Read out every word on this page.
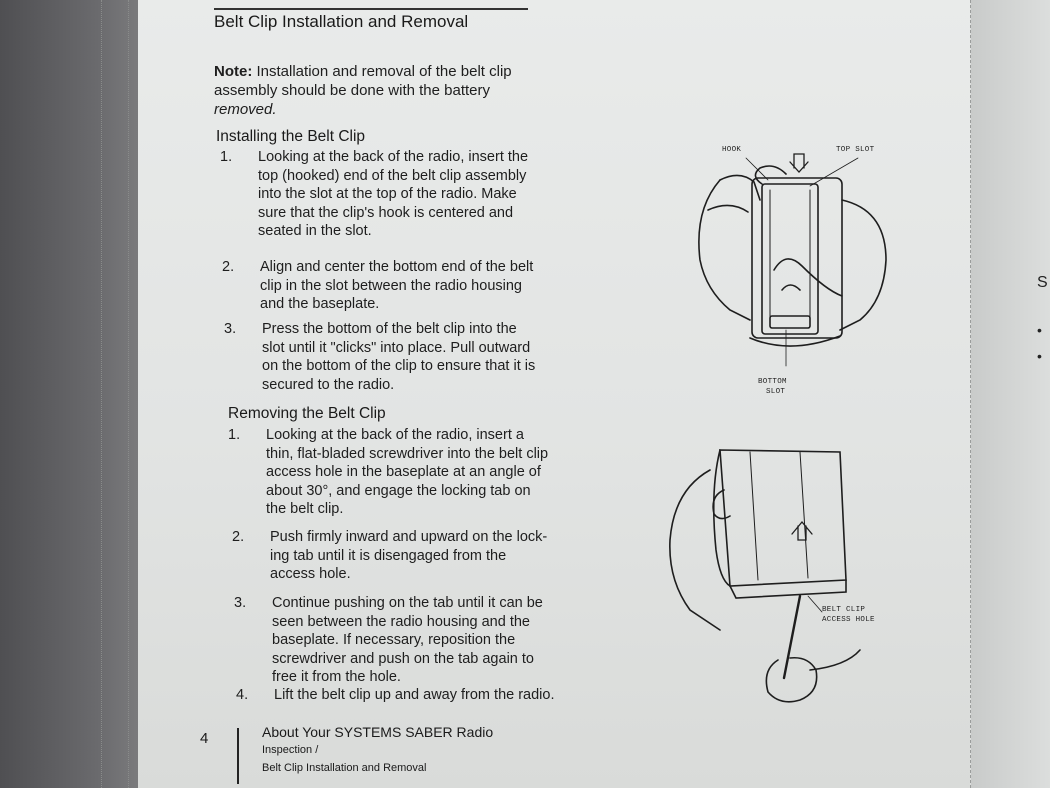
S
•
•
Belt Clip Installation and Removal
Note: Installation and removal of the belt clip
assembly should be done with the battery
removed.
Installing the Belt Clip
1.	Looking at the back of the radio, insert the
top (hooked) end of the belt clip assembly
into the slot at the top of the radio. Make
sure that the clip's hook is centered and
seated in the slot.
2.	Align and center the bottom end of the belt
clip in the slot between the radio housing
and the baseplate.
3.	Press the bottom of the belt clip into the
slot until it "clicks" into place. Pull outward
on the bottom of the clip to ensure that it is
secured to the radio.
Removing the Belt Clip
1.	Looking at the back of the radio, insert a
thin, flat-bladed screwdriver into the belt clip
access hole in the baseplate at an angle of
about 30°, and engage the locking tab on
the belt clip.
2.	Push firmly inward and upward on the lock-
ing tab until it is disengaged from the
access hole.
3.	Continue pushing on the tab until it can be
seen between the radio housing and the
baseplate. If necessary, reposition the
screwdriver and push on the tab again to
free it from the hole.
4.	Lift the belt clip up and away from the radio.
HOOK	TOP SLOT
BOTTOM
SLOT
BELT CLIP
ACCESS HOLE
4	About Your SYSTEMS SABER Radio
Inspection /
Belt Clip Installation and Removal
